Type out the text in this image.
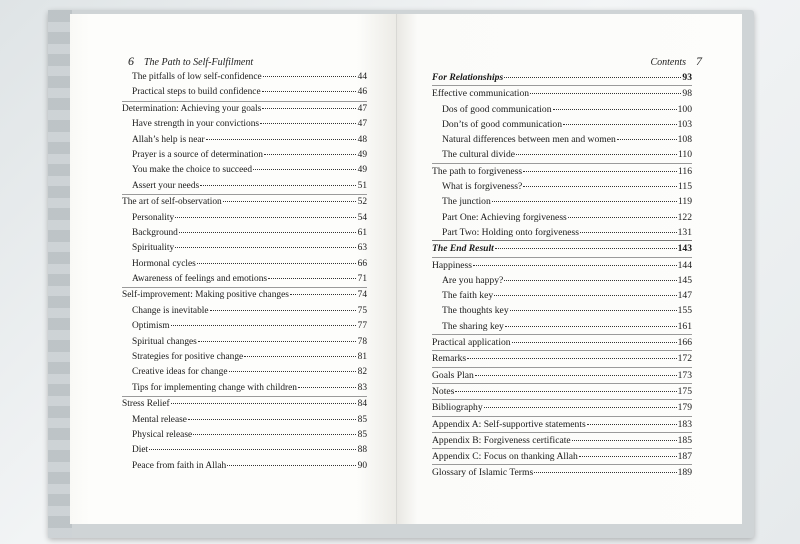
6 The Path to Self-Fulfilment
The pitfalls of low self-confidence	44
Practical steps to build confidence	46
Determination: Achieving your goals	47
Have strength in your convictions	47
Allah’s help is near	48
Prayer is a source of determination	49
You make the choice to succeed	49
Assert your needs	51
The art of self-observation	52
Personality	54
Background	61
Spirituality	63
Hormonal cycles	66
Awareness of feelings and emotions	71
Self-improvement: Making positive changes	74
Change is inevitable	75
Optimism	77
Spiritual changes	78
Strategies for positive change	81
Creative ideas for change	82
Tips for implementing change with children	83
Stress Relief	84
Mental release	85
Physical release	85
Diet	88
Peace from faith in Allah	90
Contents 7
For Relationships	93
Effective communication	98
Dos of good communication	100
Don’ts of good communication	103
Natural differences between men and women	108
The cultural divide	110
The path to forgiveness	116
What is forgiveness?	115
The junction	119
Part One: Achieving forgiveness	122
Part Two: Holding onto forgiveness	131
The End Result	143
Happiness	144
Are you happy?	145
The faith key	147
The thoughts key	155
The sharing key	161
Practical application	166
Remarks	172
Goals Plan	173
Notes	175
Bibliography	179
Appendix A: Self-supportive statements	183
Appendix B: Forgiveness certificate	185
Appendix C: Focus on thanking Allah	187
Glossary of Islamic Terms	189
